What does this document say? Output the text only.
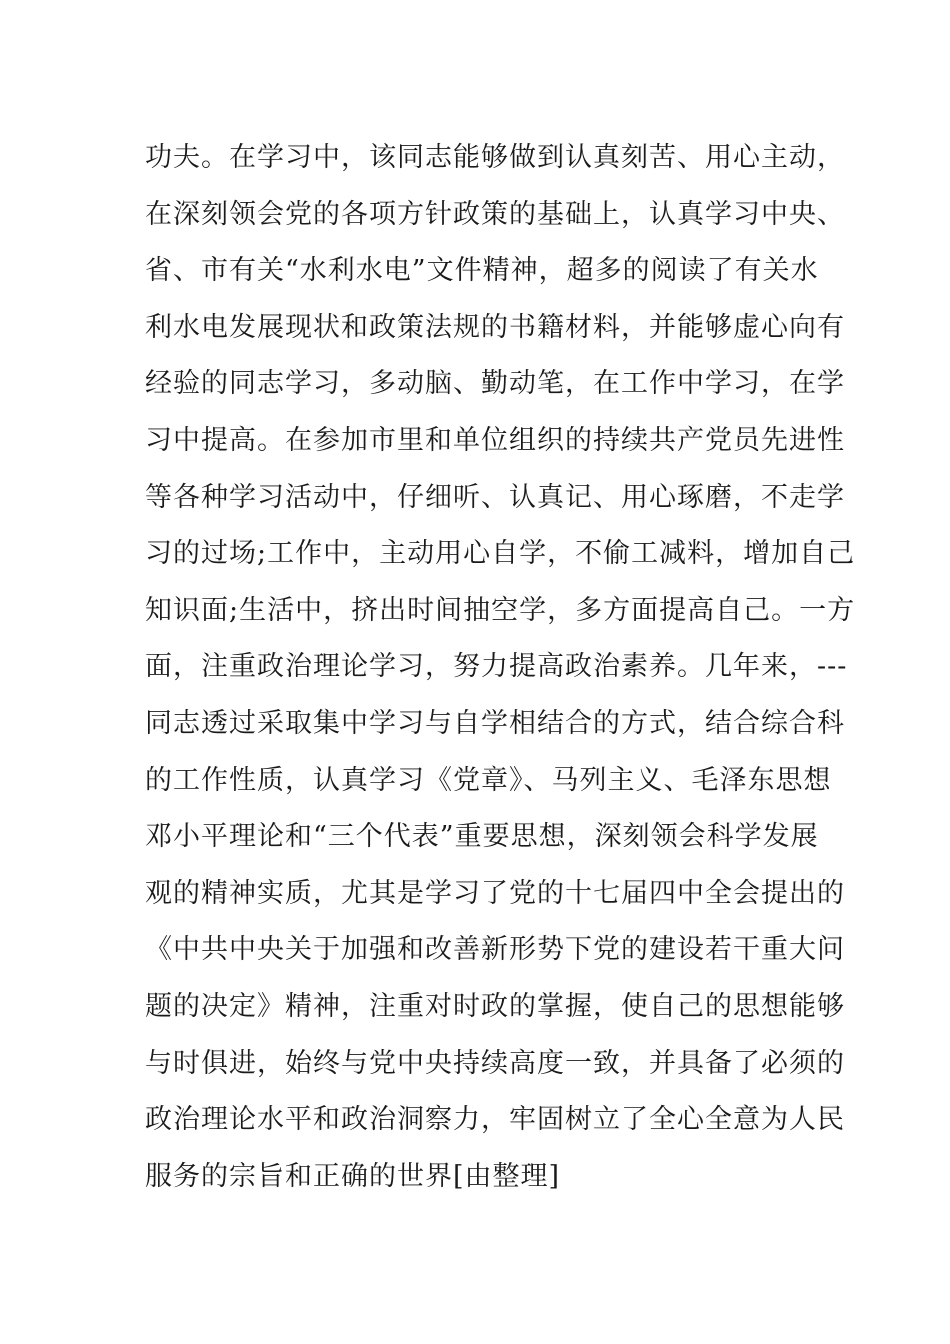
功夫。在学习中，该同志能够做到认真刻苦、用心主动，
在深刻领会党的各项方针政策的基础上，认真学习中央、
省、市有关“水利水电”文件精神，超多的阅读了有关水
利水电发展现状和政策法规的书籍材料，并能够虚心向有
经验的同志学习，多动脑、勤动笔，在工作中学习，在学
习中提高。在参加市里和单位组织的持续共产党员先进性
等各种学习活动中，仔细听、认真记、用心琢磨，不走学
习的过场;工作中，主动用心自学，不偷工减料，增加自己
知识面;生活中，挤出时间抽空学，多方面提高自己。一方
面，注重政治理论学习，努力提高政治素养。几年来，---
同志透过采取集中学习与自学相结合的方式，结合综合科
的工作性质，认真学习《党章》、马列主义、毛泽东思想
邓小平理论和“三个代表”重要思想，深刻领会科学发展
观的精神实质，尤其是学习了党的十七届四中全会提出的
《中共中央关于加强和改善新形势下党的建设若干重大问
题的决定》精神，注重对时政的掌握，使自己的思想能够
与时俱进，始终与党中央持续高度一致，并具备了必须的
政治理论水平和政治洞察力，牢固树立了全心全意为人民
服务的宗旨和正确的世界[由整理]
